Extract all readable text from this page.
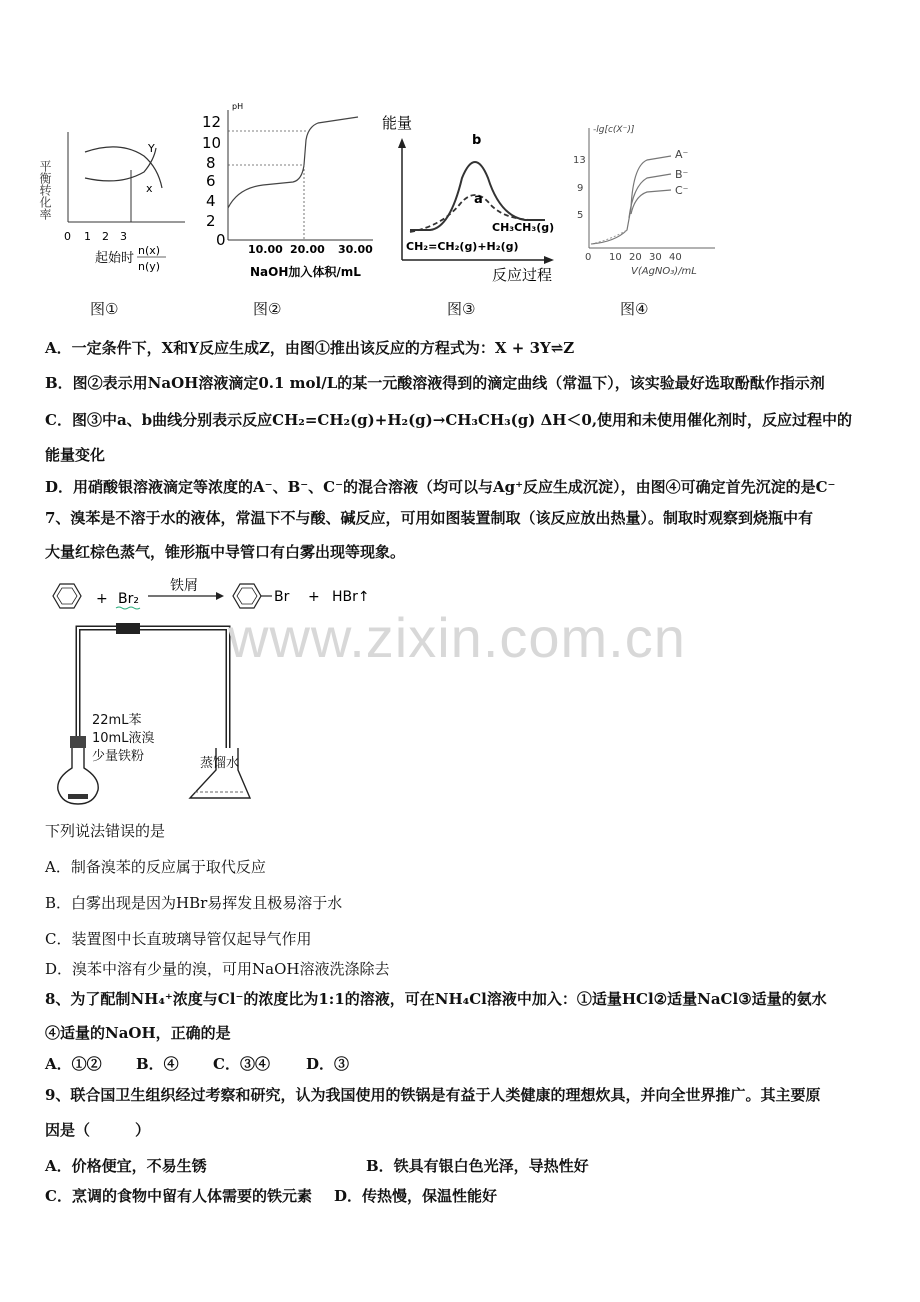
平衡转化率
Y
x
0 1 2 3
起始时
n(x)
n(y)
图①
pH
12
10
8
6
4
2
0
10.00 20.00 30.00
NaOH加入体积/mL
图②
能量
b
a
CH₃CH₃(g)
CH₂=CH₂(g)+H₂(g)
反应过程
图③
-lg[c(X⁻)]
13
9
5
A⁻
B⁻
C⁻
0 10 20 30 40
V(AgNO₃)/mL
图④
A．一定条件下，X和Y反应生成Z，由图①推出该反应的方程式为：X + 3Y⇌Z
B．图②表示用NaOH溶液滴定0.1 mol/L的某一元酸溶液得到的滴定曲线（常温下），该实验最好选取酚酞作指示剂
C．图③中a、b曲线分别表示反应CH₂=CH₂(g)+H₂(g)→CH₃CH₃(g) ΔH＜0,使用和未使用催化剂时，反应过程中的
能量变化
D．用硝酸银溶液滴定等浓度的A⁻、B⁻、C⁻的混合溶液（均可以与Ag⁺反应生成沉淀），由图④可确定首先沉淀的是C⁻
7、溴苯是不溶于水的液体，常温下不与酸、碱反应，可用如图装置制取（该反应放出热量）。制取时观察到烧瓶中有
大量红棕色蒸气，锥形瓶中导管口有白雾出现等现象。
+ Br₂
铁屑
Br + HBr↑
22mL苯
10mL液溴
少量铁粉	蒸馏水
www.zixin.com.cn
下列说法错误的是
A．制备溴苯的反应属于取代反应
B．白雾出现是因为HBr易挥发且极易溶于水
C．装置图中长直玻璃导管仅起导气作用
D．溴苯中溶有少量的溴，可用NaOH溶液洗涤除去
8、为了配制NH₄⁺浓度与Cl⁻的浓度比为1:1的溶液，可在NH₄Cl溶液中加入：①适量HCl②适量NaCl③适量的氨水
④适量的NaOH，正确的是
A．①② B．④ C．③④ D．③
9、联合国卫生组织经过考察和研究，认为我国使用的铁锅是有益于人类健康的理想炊具，并向全世界推广。其主要原
因是（　　　）
A．价格便宜，不易生锈	B．铁具有银白色光泽，导热性好
C．烹调的食物中留有人体需要的铁元素 D．传热慢，保温性能好
